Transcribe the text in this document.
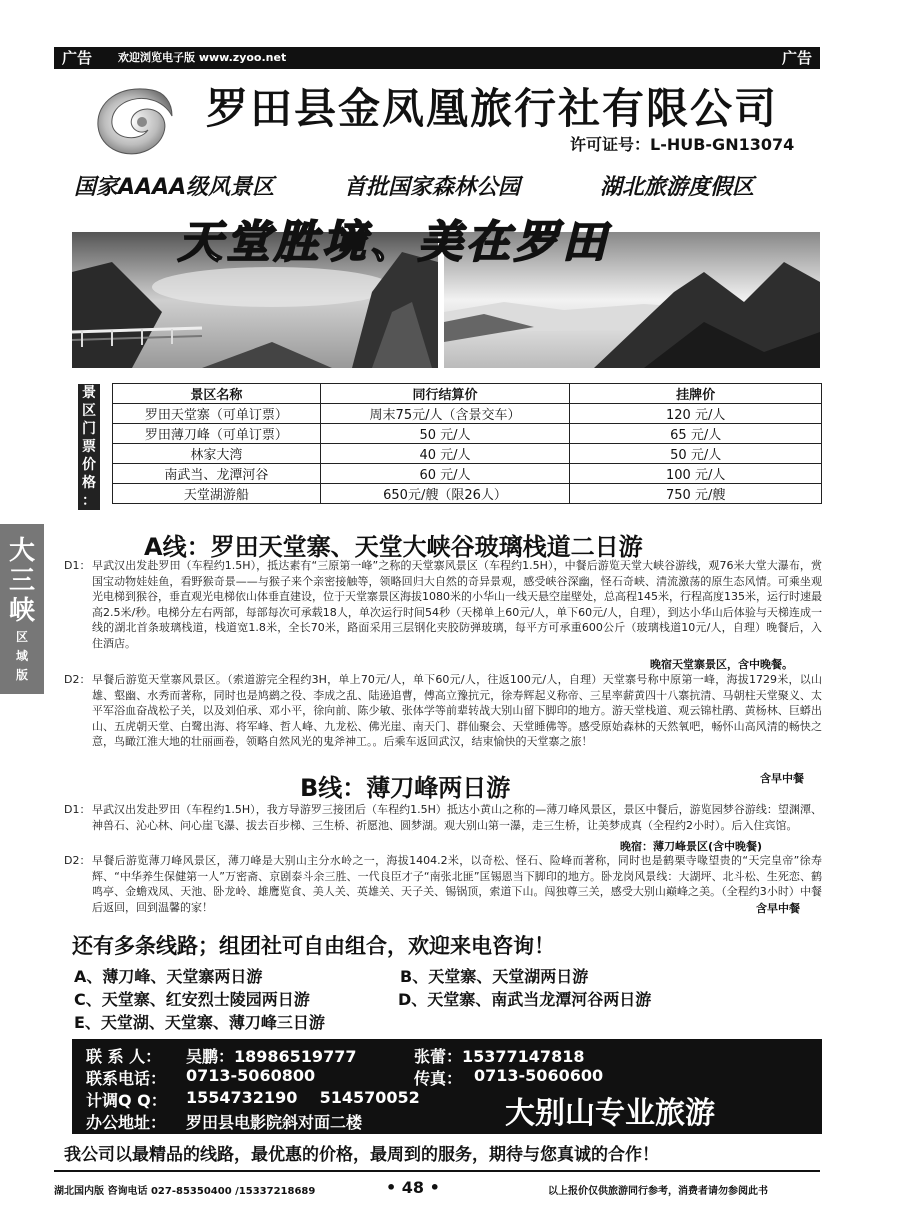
广告	欢迎浏览电子版 www.zyoo.net	广告
罗田县金凤凰旅行社有限公司
许可证号：L-HUB-GN13074
国家AAAA级风景区	首批国家森林公园	湖北旅游度假区
天堂胜境、美在罗田
景
区
门
票
价
格
：
景区名称	同行结算价	挂牌价
罗田天堂寨（可单订票）	周末75元/人（含景交车）	120 元/人
罗田薄刀峰（可单订票）	50 元/人	65 元/人
林家大湾	40 元/人	50 元/人
南武当、龙潭河谷	60 元/人	100 元/人
天堂湖游船	650元/艘（限26人）	750 元/艘
大
三
峡
区
域
版
A线：罗田天堂寨、天堂大峡谷玻璃栈道二日游
D1： 早武汉出发赴罗田（车程约1.5H），抵达素有“三原第一峰”之称的天堂寨风景区（车程约1.5H），中餐后游览天堂大峡谷游线，观76米大堂大瀑布，赏国宝动物娃娃鱼，看野猴奇景——与猴子来个亲密接触等，领略回归大自然的奇异景观，感受峡谷深幽，怪石奇峡、清流激荡的原生态风情。可乘坐观光电梯到猴谷，垂直观光电梯依山体垂直建设，位于天堂寨景区海拔1080米的小华山一线天悬空崖壁处，总高程145米，行程高度135米，运行时速最高2.5米/秒。电梯分左右两部，每部每次可承载18人，单次运行时间54秒（天梯单上60元/人，单下60元/人，自理），到达小华山后体验与天梯连成一线的湖北首条玻璃栈道，栈道宽1.8米，全长70米，路面采用三层钢化夹胶防弹玻璃，每平方可承重600公斤（玻璃栈道10元/人，自理）晚餐后，入住酒店。
晚宿天堂寨景区，含中晚餐。
D2： 早餐后游览天堂寨风景区。（索道游完全程约3H，单上70元/人，单下60元/人，往返100元/人，自理）天堂寨号称中原第一峰，海拔1729米，以山雄、壑幽、水秀而著称，同时也是鸠鹚之役、李成之乱、陆逊追曹，傅高立豫抗元，徐寿辉起义称帝、三星率薪黄四十八寨抗清、马朝柱天堂聚义、太平军浴血奋战松子关，以及刘伯承、邓小平，徐向前、陈少敏、张体学等前辈转战大别山留下脚印的地方。游天堂栈道、观云锦杜鹃、黄杨林、巨蟒出山、五虎朝天堂、白鹭出海、将军峰、哲人峰、九龙松、佛光崖、南天门、群仙聚会、天堂睡佛等。感受原始森林的天然氧吧，畅怀山高风清的畅快之意，鸟瞰江淮大地的壮丽画卷，领略自然风光的鬼斧神工。。后乘车返回武汉，结束愉快的天堂寨之旅！
含早中餐
B线：薄刀峰两日游
D1： 早武汉出发赴罗田（车程约1.5H），我方导游罗三接团后（车程约1.5H）抵达小黄山之称的—薄刀峰风景区，景区中餐后，游览园梦谷游线：望渊潭、神兽石、沁心林、问心崖飞瀑、拔去百步梯、三生桥、祈愿池、圆梦湖。观大别山第一瀑，走三生桥，让美梦成真（全程约2小时）。后入住宾馆。
晚宿：薄刀峰景区(含中晚餐)
D2： 早餐后游览薄刀峰风景区，薄刀峰是大别山主分水岭之一，海拔1404.2米，以奇松、怪石、险峰而著称，同时也是鹤栗寺喙望贵的“天完皇帝”徐寿辉、“中华养生保健第一人”万密斋、京剧泰斗余三胜、一代良臣才子“南张北匪”匡锡恩当下脚印的地方。卧龙岗风景线：大湖坪、北斗松、生死恋、鹤鸣亭、金蟾戏凤、天池、卧龙岭、雄鹰览食、美人关、英雄关、天子关、锡锅顶，索道下山。闯独尊三关，感受大别山巅峰之美。（全程约3小时）中餐后返回，回到温馨的家！	含早中餐
还有多条线路；组团社可自由组合，欢迎来电咨询！
A、薄刀峰、天堂寨两日游	B、天堂寨、天堂湖两日游
C、天堂寨、红安烈士陵园两日游	D、天堂寨、南武当龙潭河谷两日游
E、天堂湖、天堂寨、薄刀峰三日游
联 系 人： 吴鹏：18986519777	张蕾：15377147818
联系电话： 0713-5060800	传真： 0713-5060600
计调Q Q： 1554732190    514570052
办公地址： 罗田县电影院斜对面二楼	大别山专业旅游
我公司以最精品的线路，最优惠的价格，最周到的服务，期待与您真诚的合作！
湖北国内版 咨询电话 027-85350400 /15337218689	• 48 •	以上报价仅供旅游同行参考，消费者请勿参阅此书
